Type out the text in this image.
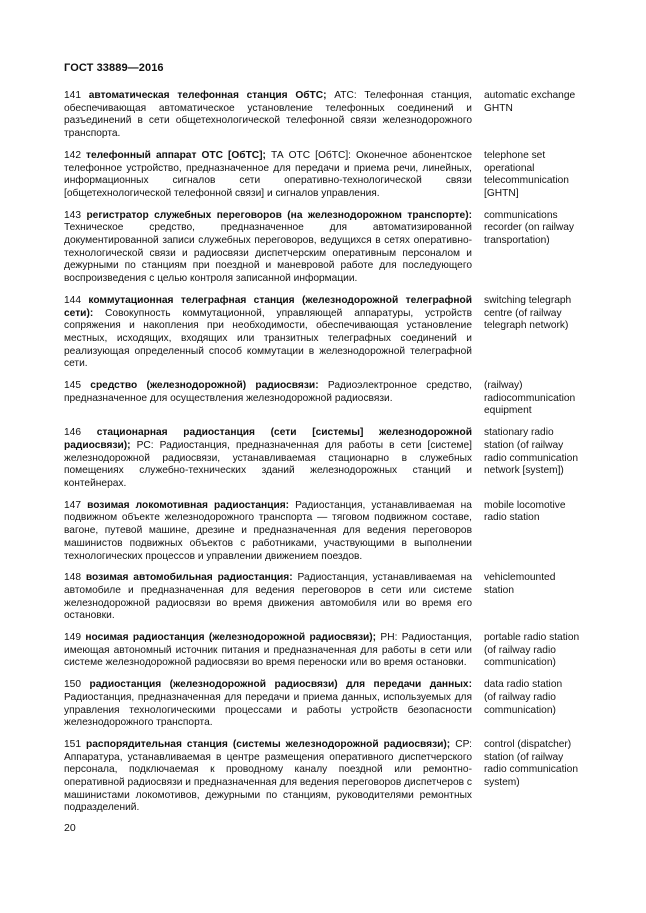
ГОСТ 33889—2016
141 автоматическая телефонная станция ОбТС; АТС: Телефонная станция, обеспечивающая автоматическое установление телефонных соединений и разъединений в сети общетехнологической телефонной связи железнодорожного транспорта.
automatic exchange
GHTN
142 телефонный аппарат ОТС [ОбТС]; ТА ОТС [ОбТС]: Оконечное абонентское телефонное устройство, предназначенное для передачи и приема речи, линейных, информационных сигналов сети оперативно-технологической связи [общетехнологической телефонной связи] и сигналов управления.
telephone set
operational
telecommunication
[GHTN]
143 регистратор служебных переговоров (на железнодорожном транспорте): Техническое средство, предназначенное для автоматизированной документированной записи служебных переговоров, ведущихся в сетях оперативно-технологической связи и радиосвязи диспетчерским оперативным персоналом и дежурными по станциям при поездной и маневровой работе для последующего воспроизведения с целью контроля записанной информации.
communications
recorder (on railway
transportation)
144 коммутационная телеграфная станция (железнодорожной телеграфной сети): Совокупность коммутационной, управляющей аппаратуры, устройств сопряжения и накопления при необходимости, обеспечивающая установление местных, исходящих, входящих или транзитных телеграфных соединений и реализующая определенный способ коммутации в железнодорожной телеграфной сети.
switching telegraph
centre (of railway
telegraph network)
145 средство (железнодорожной) радиосвязи: Радиоэлектронное средство, предназначенное для осуществления железнодорожной радиосвязи.
(railway)
radiocommunication
equipment
146 стационарная радиостанция (сети [системы] железнодорожной радиосвязи); РС: Радиостанция, предназначенная для работы в сети [системе] железнодорожной радиосвязи, устанавливаемая стационарно в служебных помещениях служебно-технических зданий железнодорожных станций и контейнерах.
stationary radio
station (of railway
radio communication
network [system])
147 возимая локомотивная радиостанция: Радиостанция, устанавливаемая на подвижном объекте железнодорожного транспорта — тяговом подвижном составе, вагоне, путевой машине, дрезине и предназначенная для ведения переговоров машинистов подвижных объектов с работниками, участвующими в выполнении технологических процессов и управлении движением поездов.
mobile locomotive
radio station
148 возимая автомобильная радиостанция: Радиостанция, устанавливаемая на автомобиле и предназначенная для ведения переговоров в сети или системе железнодорожной радиосвязи во время движения автомобиля или во время его остановки.
vehiclemounted
station
149 носимая радиостанция (железнодорожной радиосвязи); РН: Радиостанция, имеющая автономный источник питания и предназначенная для работы в сети или системе железнодорожной радиосвязи во время переноски или во время остановки.
portable radio station
(of railway radio
communication)
150 радиостанция (железнодорожной радиосвязи) для передачи данных: Радиостанция, предназначенная для передачи и приема данных, используемых для управления технологическими процессами и работы устройств безопасности железнодорожного транспорта.
data radio station
(of railway radio
communication)
151 распорядительная станция (системы железнодорожной радиосвязи); СР: Аппаратура, устанавливаемая в центре размещения оперативного диспетчерского персонала, подключаемая к проводному каналу поездной или ремонтно-оперативной радиосвязи и предназначенная для ведения переговоров диспетчеров с машинистами локомотивов, дежурными по станциям, руководителями ремонтных подразделений.
control (dispatcher)
station (of railway
radio communication
system)
20
